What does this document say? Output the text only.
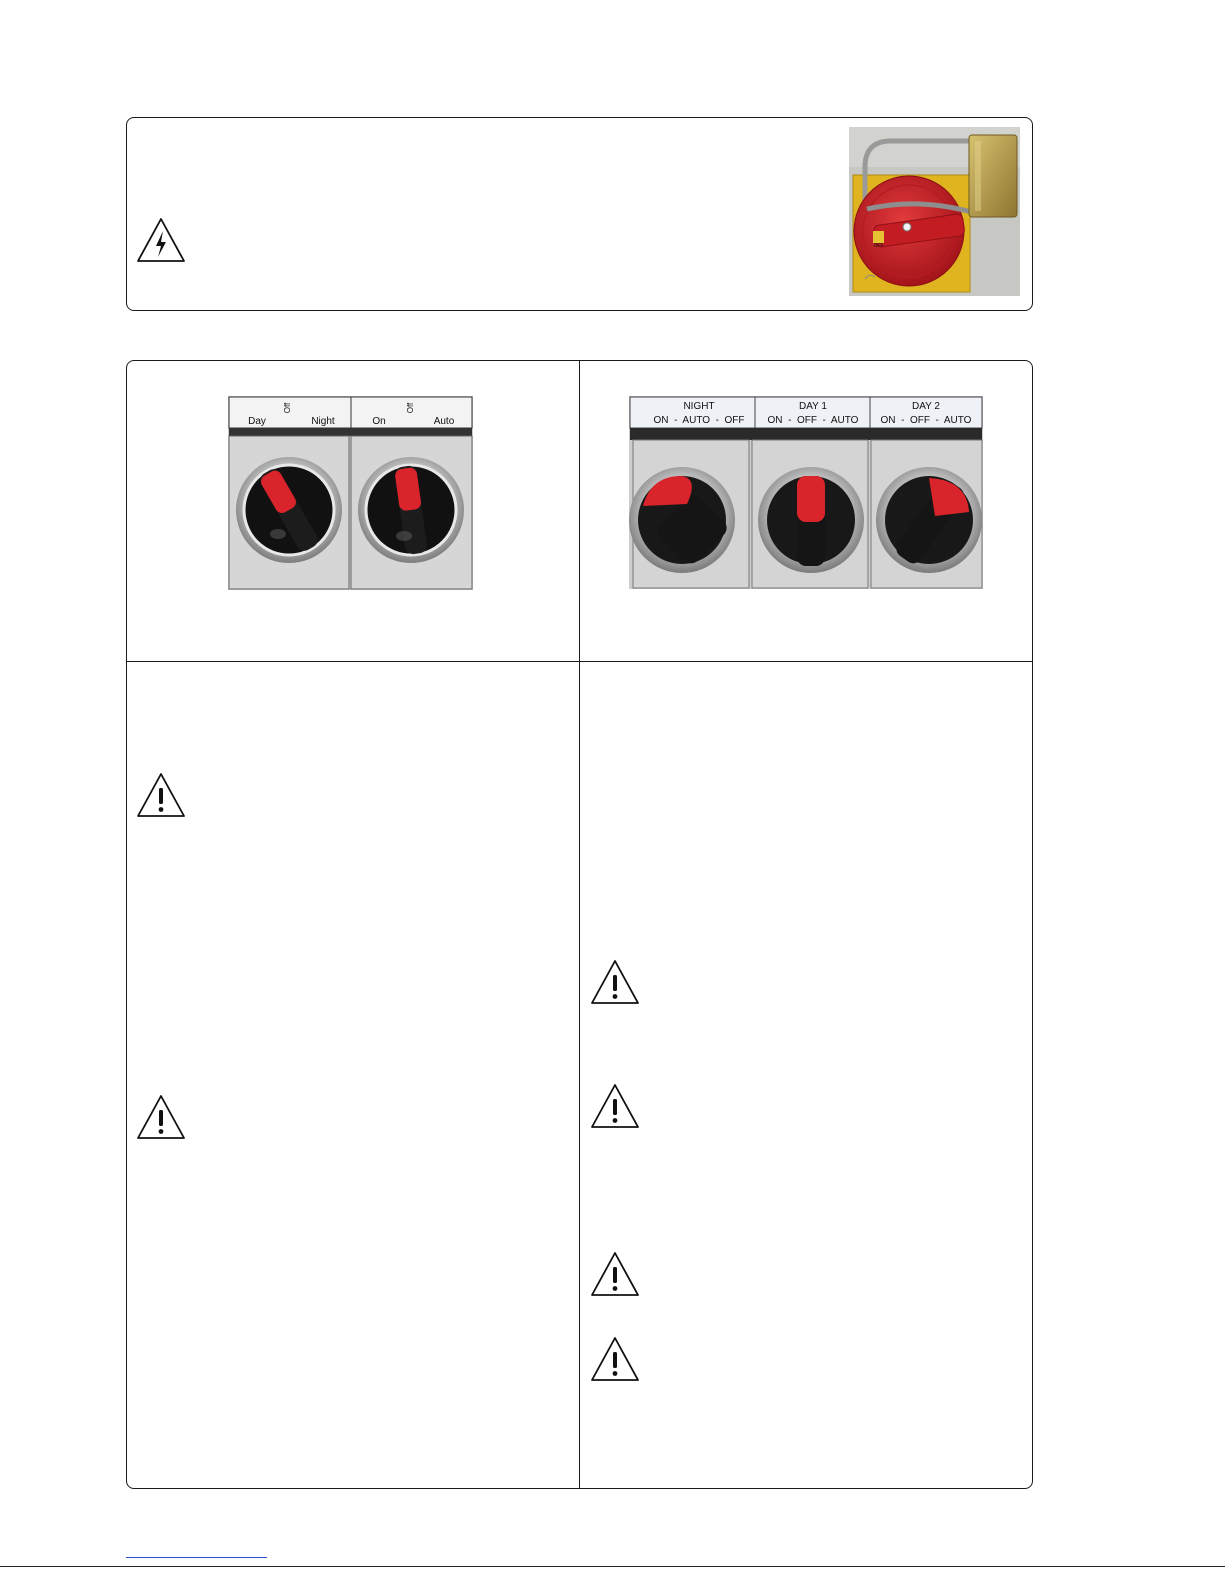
OFF
Off
Day	Night
Off
On	Auto
NIGHT
ON  -  AUTO  -  OFF
DAY 1
ON  -  OFF  -  AUTO
DAY 2
ON  -  OFF  -  AUTO
